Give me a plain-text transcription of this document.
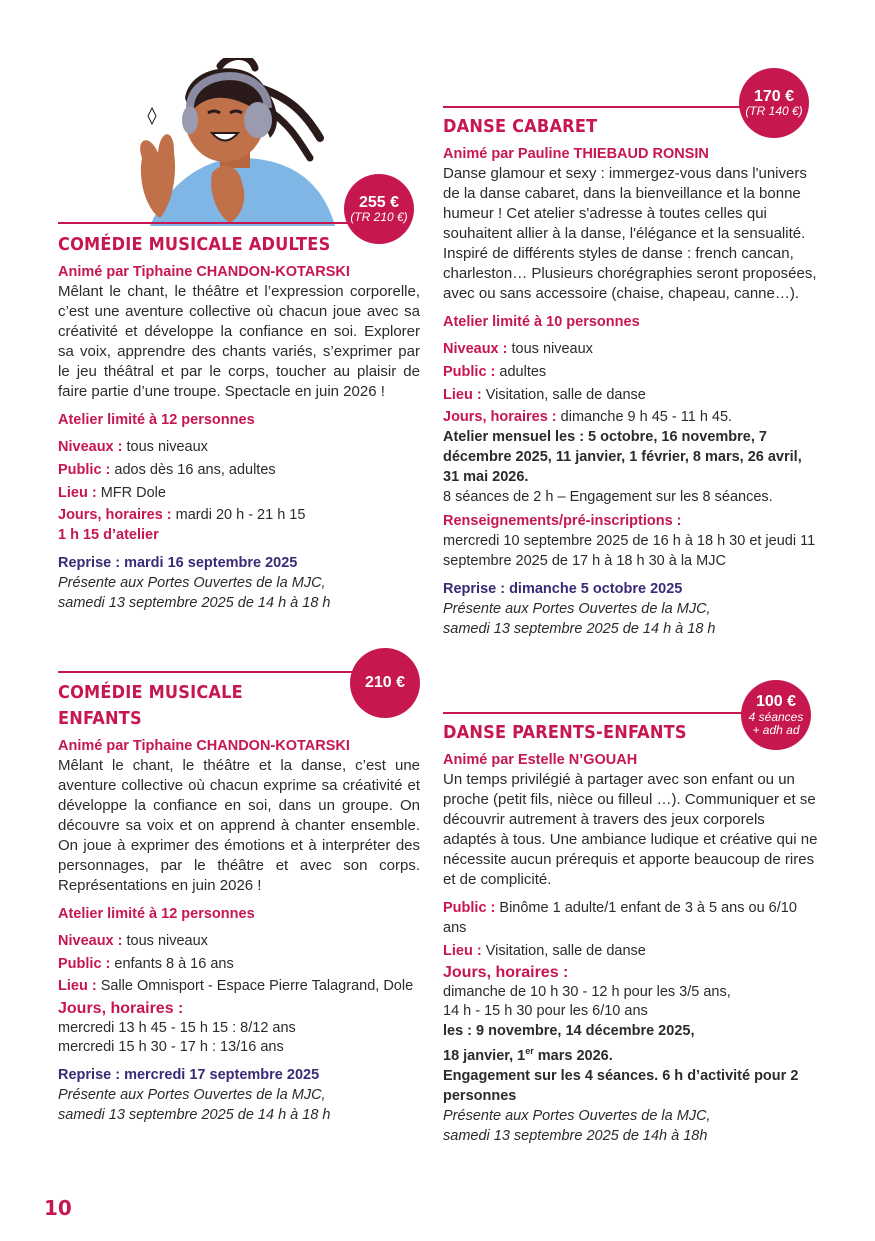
255 €
(TR 210 €)
COMÉDIE MUSICALE ADULTES

Animé par Tiphaine CHANDON-KOTARSKI

Mêlant le chant, le théâtre et l’expression corporelle, c’est une aventure collective où chacun joue avec sa créativité et développe la confiance en soi. Explorer sa voix, apprendre des chants variés, s’exprimer par le jeu théâtral et par le corps, toucher au plaisir de faire partie d’une troupe. Spectacle en juin 2026 !

Atelier limité à 12 personnes

Niveaux : tous niveaux

Public : ados dès 16 ans, adultes

Lieu : MFR Dole

Jours, horaires : mardi 20 h - 21 h 15

1 h 15 d’atelier

Reprise : mardi 16 septembre 2025

Présente aux Portes Ouvertes de la MJC,

samedi 13 septembre 2025 de 14 h à 18 h

210 €
COMÉDIE MUSICALE
ENFANTS

Animé par Tiphaine CHANDON-KOTARSKI

Mêlant le chant, le théâtre et la danse, c’est une aventure collective où chacun exprime sa créativité et développe la confiance en soi, dans un groupe. On découvre sa voix et on apprend à chanter ensemble. On joue à exprimer des émotions et à interpréter des personnages, par le théâtre et avec son corps. Représentations en juin 2026 !

Atelier limité à 12 personnes

Niveaux : tous niveaux

Public : enfants 8 à 16 ans

Lieu : Salle Omnisport - Espace Pierre Talagrand, Dole

Jours, horaires :
mercredi 13 h 45 - 15 h 15 : 8/12 ans
mercredi 15 h 30 - 17 h : 13/16 ans

Reprise : mercredi 17 septembre 2025

Présente aux Portes Ouvertes de la MJC,

samedi 13 septembre 2025 de 14 h à 18 h

170 €
(TR 140 €)
DANSE CABARET

Animé par Pauline THIEBAUD RONSIN

Danse glamour et sexy : immergez-vous dans l'univers de la danse cabaret, dans la bienveillance et la bonne humeur ! Cet atelier s'adresse à toutes celles qui souhaitent allier à la danse, l'élégance et la sensualité. Inspiré de différents styles de danse : french cancan, charleston… Plusieurs chorégraphies seront proposées, avec ou sans accessoire (chaise, chapeau, canne…).

Atelier limité à 10 personnes

Niveaux : tous niveaux

Public : adultes

Lieu : Visitation, salle de danse

Jours, horaires : dimanche 9 h 45 - 11 h 45.

Atelier mensuel les : 5 octobre, 16 novembre, 7 décembre 2025, 11 janvier, 1 février, 8 mars, 26 avril, 31 mai 2026.

8 séances de 2 h – Engagement sur les 8 séances.

Renseignements/pré-inscriptions :

mercredi 10 septembre 2025 de 16 h à 18 h 30 et jeudi 11 septembre 2025 de 17 h à 18 h 30 à la MJC

Reprise : dimanche 5 octobre 2025

Présente aux Portes Ouvertes de la MJC,

samedi 13 septembre 2025 de 14 h à 18 h

100 €
4 séances
+ adh ad
DANSE PARENTS-ENFANTS

Animé par Estelle N’GOUAH

Un temps privilégié à partager avec son enfant ou un proche (petit fils, nièce ou filleul …). Communiquer et se découvrir autrement à travers des jeux corporels adaptés à tous. Une ambiance ludique et créative qui ne nécessite aucun prérequis et apporte beaucoup de rires et de complicité.

Public : Binôme 1 adulte/1 enfant de 3 à 5 ans ou 6/10 ans

Lieu : Visitation, salle de danse

Jours, horaires :
dimanche de 10 h 30 - 12 h pour les 3/5 ans,
14 h - 15 h 30 pour les 6/10 ans

les : 9 novembre, 14 décembre 2025,

18 janvier, 1er mars 2026.

Engagement sur les 4 séances. 6 h d’activité pour 2 personnes

Présente aux Portes Ouvertes de la MJC,

samedi 13 septembre 2025 de 14h à 18h

10
